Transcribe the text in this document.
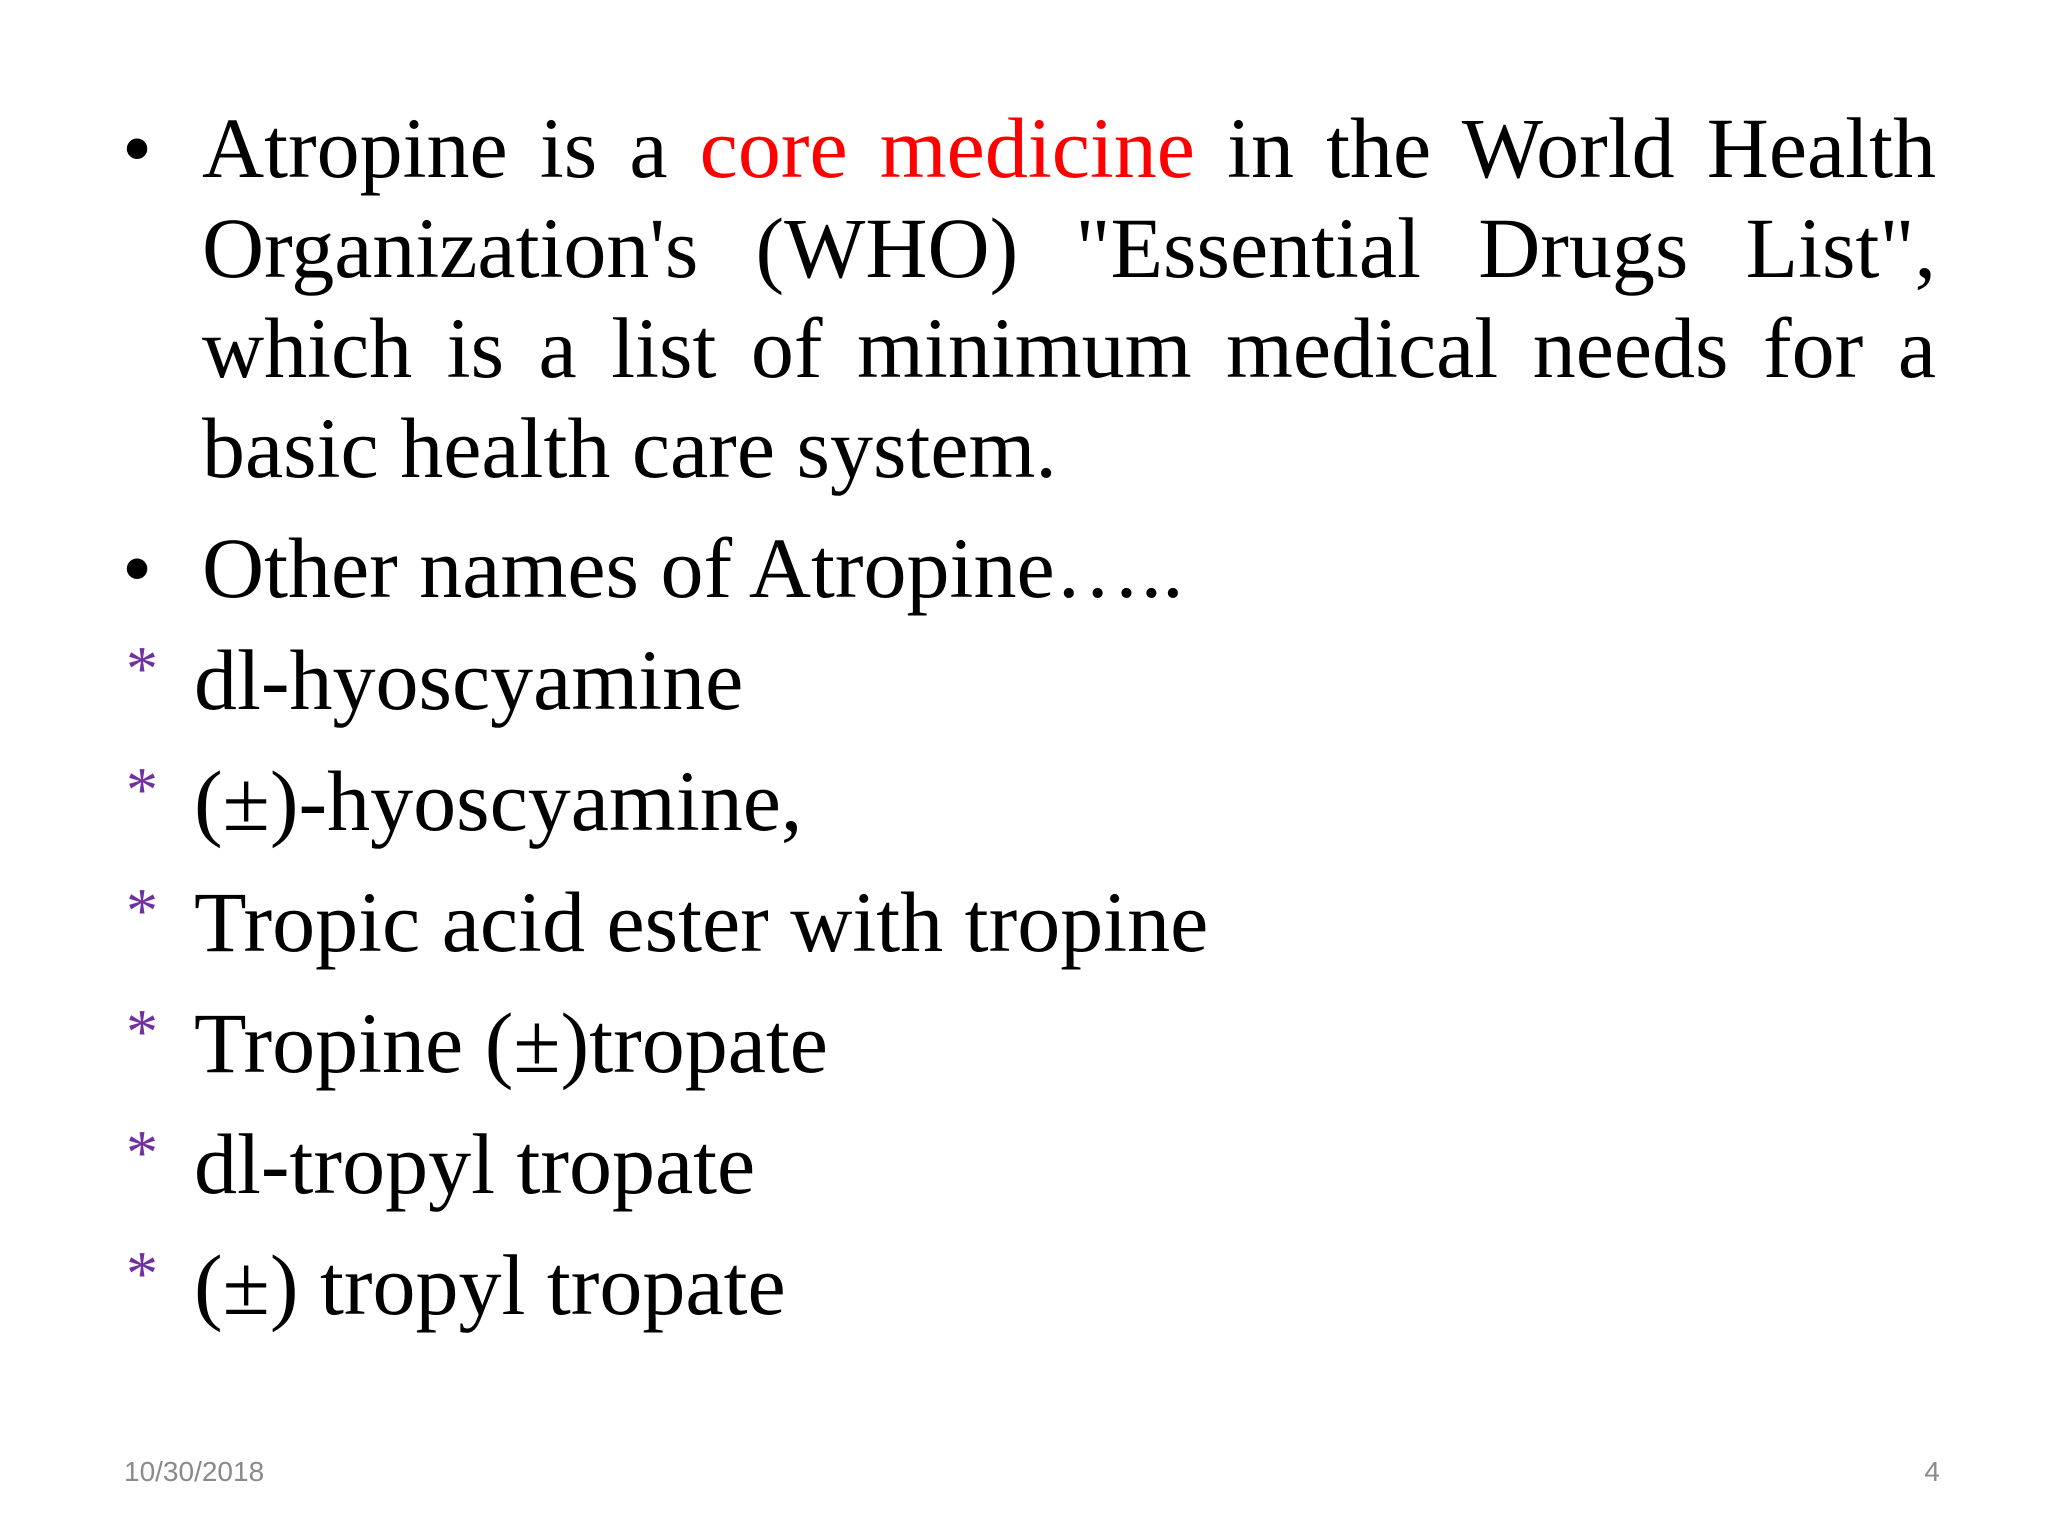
• Atropine is a core medicine in the World Health Organization's (WHO) "Essential Drugs List", which is a list of minimum medical needs for a basic health care system.
• Other names of Atropine…..
* dl-hyoscyamine
* (±)-hyoscyamine,
* Tropic acid ester with tropine
* Tropine (±)tropate
* dl-tropyl tropate
* (±) tropyl tropate
10/30/2018	4
